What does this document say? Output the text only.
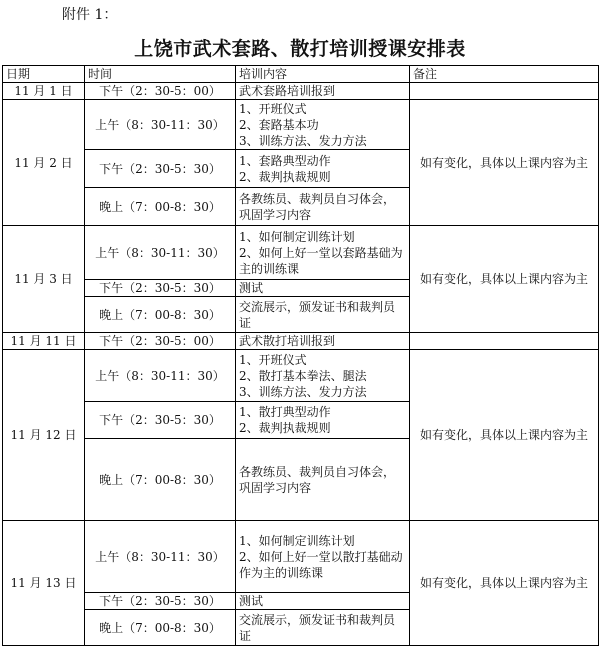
附件 1：
上饶市武术套路、散打培训授课安排表
日期	时间	培训内容	备注
11 月 1 日	下午（2：30-5：00）	武术套路培训报到	
11 月 2 日	上午（8：30-11：30）	1、开班仪式
2、套路基本功
3、训练方法、发力方法	如有变化，具体以上课内容为主
	下午（2：30-5：30）	1、套路典型动作
2、裁判执裁规则	

	晚上（7：00-8：30）	各教练员、裁判员自习体会，巩固学习内容	
11 月 3 日	上午（8：30-11：30）	1、如何制定训练计划
2、如何上好一堂以套路基础为主的训练课	如有变化，具体以上课内容为主
	下午（2：30-5：30）	测试	
	晚上（7：00-8：30）	交流展示，颁发证书和裁判员证	
11 月 11 日	下午（2：30-5：00）	武术散打培训报到	
11 月 12 日	上午（8：30-11：30）	1、开班仪式
2、散打基本拳法、腿法
3、训练方法、发力方法	如有变化，具体以上课内容为主
	下午（2：30-5：30）	1、散打典型动作
2、裁判执裁规则	

	晚上（7：00-8：30）	各教练员、裁判员自习体会，巩固学习内容	
11 月 13 日	上午（8：30-11：30）	1、如何制定训练计划
2、如何上好一堂以散打基础动作为主的训练课	如有变化，具体以上课内容为主
	下午（2：30-5：30）	测试	
	晚上（7：00-8：30）	交流展示，颁发证书和裁判员证	
